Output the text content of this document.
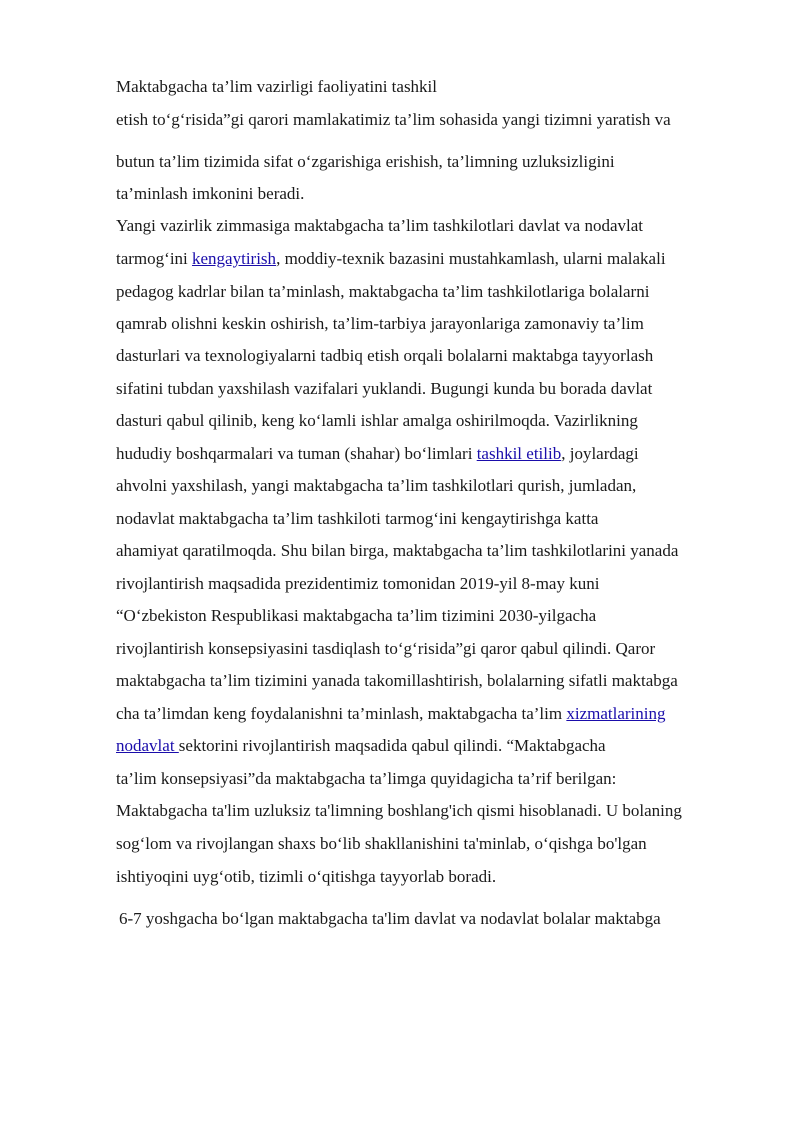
Maktabgacha ta’lim vazirligi faoliyatini tashkil
etish to‘g‘risida”gi qarori mamlakatimiz ta’lim sohasida yangi tizimni yaratish va
butun ta’lim tizimida sifat o‘zgarishiga erishish, ta’limning uzluksizligini
ta’minlash imkonini beradi.
Yangi vazirlik zimmasiga maktabgacha ta’lim tashkilotlari davlat va nodavlat
tarmog‘ini kengaytirish, moddiy-texnik bazasini mustahkamlash, ularni malakali
pedagog kadrlar bilan ta’minlash, maktabgacha ta’lim tashkilotlariga bolalarni
qamrab olishni keskin oshirish, ta’lim-tarbiya jarayonlariga zamonaviy ta’lim
dasturlari va texnologiyalarni tadbiq etish orqali bolalarni maktabga tayyorlash
sifatini tubdan yaxshilash vazifalari yuklandi. Bugungi kunda bu borada davlat
dasturi qabul qilinib, keng ko‘lamli ishlar amalga oshirilmoqda. Vazirlikning
hududiy boshqarmalari va tuman (shahar) bo‘limlari tashkil etilib, joylardagi
ahvolni yaxshilash, yangi maktabgacha ta’lim tashkilotlari qurish, jumladan,
nodavlat maktabgacha ta’lim tashkiloti tarmog‘ini kengaytirishga katta
ahamiyat qaratilmoqda. Shu bilan birga, maktabgacha ta’lim tashkilotlarini yanada
rivojlantirish maqsadida prezidentimiz tomonidan 2019-yil 8-may kuni
“O‘zbekiston Respublikasi maktabgacha ta’lim tizimini 2030-yilgacha
rivojlantirish konsepsiyasini tasdiqlash to‘g‘risida”gi qaror qabul qilindi. Qaror
maktabgacha ta’lim tizimini yanada takomillashtirish, bolalarning sifatli maktabga
cha ta’limdan keng foydalanishni ta’minlash, maktabgacha ta’lim xizmatlarining
nodavlat sektorini rivojlantirish maqsadida qabul qilindi. “Maktabgacha
ta’lim konsepsiyasi”da maktabgacha ta’limga quyidagicha ta’rif berilgan:
Maktabgacha ta'lim uzluksiz ta'limning boshlang'ich qismi hisoblanadi. U bolaning
sog‘lom va rivojlangan shaxs bo‘lib shakllanishini ta'minlab, o‘qishga bo'lgan
ishtiyoqini uyg‘otib, tizimli o‘qitishga tayyorlab boradi.
6-7 yoshgacha bo‘lgan maktabgacha ta'lim davlat va nodavlat bolalar maktabga
